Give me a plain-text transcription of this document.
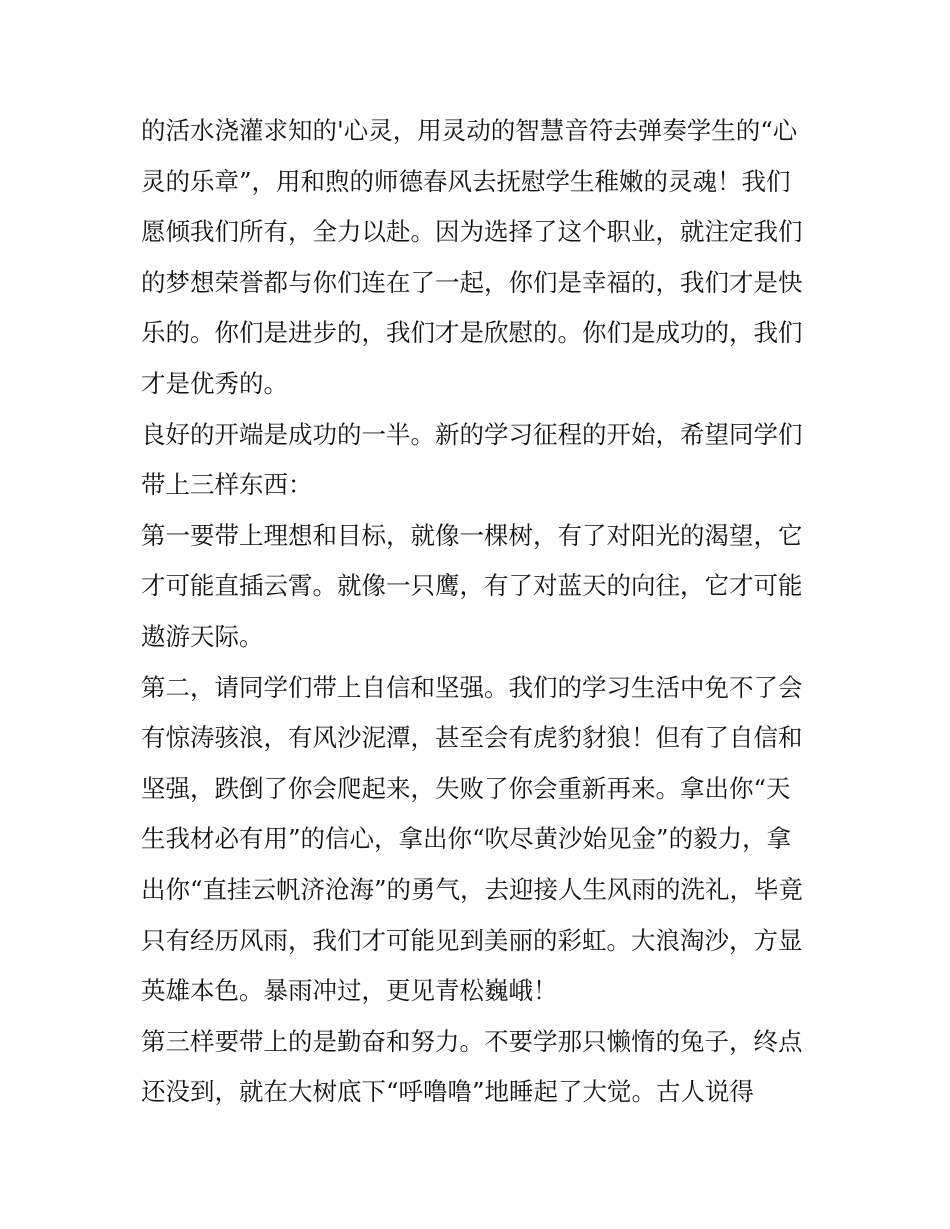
的活水浇灌求知的'心灵，用灵动的智慧音符去弹奏学生的“心
灵的乐章”，用和煦的师德春风去抚慰学生稚嫩的灵魂！我们
愿倾我们所有，全力以赴。因为选择了这个职业，就注定我们
的梦想荣誉都与你们连在了一起，你们是幸福的，我们才是快
乐的。你们是进步的，我们才是欣慰的。你们是成功的，我们
才是优秀的。
良好的开端是成功的一半。新的学习征程的开始，希望同学们
带上三样东西：
第一要带上理想和目标，就像一棵树，有了对阳光的渴望，它
才可能直插云霄。就像一只鹰，有了对蓝天的向往，它才可能
遨游天际。
第二，请同学们带上自信和坚强。我们的学习生活中免不了会
有惊涛骇浪，有风沙泥潭，甚至会有虎豹豺狼！但有了自信和
坚强，跌倒了你会爬起来，失败了你会重新再来。拿出你“天
生我材必有用”的信心，拿出你“吹尽黄沙始见金”的毅力，拿
出你“直挂云帆济沧海”的勇气，去迎接人生风雨的洗礼，毕竟
只有经历风雨，我们才可能见到美丽的彩虹。大浪淘沙，方显
英雄本色。暴雨冲过，更见青松巍峨！
第三样要带上的是勤奋和努力。不要学那只懒惰的兔子，终点
还没到，就在大树底下“呼噜噜”地睡起了大觉。古人说得
